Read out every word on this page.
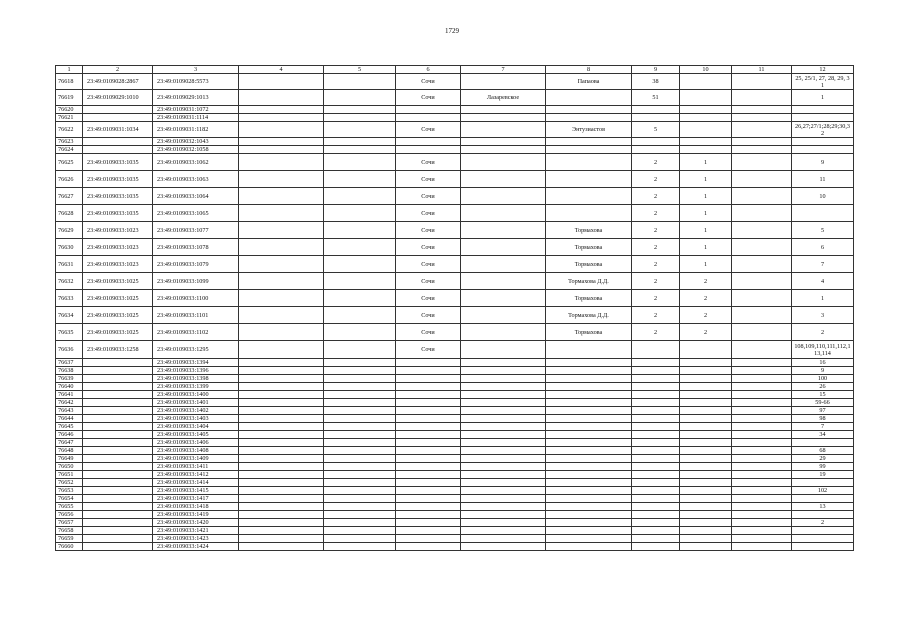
1729
1	2	3	4	5	6	7	8	9	10	11	12
76618	23:49:0109028:2867	23:49:0109028:5573			Сочи		Папаова	38			25, 25/1, 27, 28, 29, 31
76619	23:49:0109029:1010	23:49:0109029:1013			Сочи	Лазаревское		51			1
76620		23:49:0109031:1072									
76621		23:49:0109031:1114									
76622	23:49:0109031:1034	23:49:0109031:1182			Сочи		Энтузиастов	5			26,27;27/1;28;29;30,32
76623		23:49:0109032:1043									
76624		23:49:0109032:1058									
76625	23:49:0109033:1035	23:49:0109033:1062			Сочи			2	1		9
76626	23:49:0109033:1035	23:49:0109033:1063			Сочи			2	1		11
76627	23:49:0109033:1035	23:49:0109033:1064			Сочи			2	1		10
76628	23:49:0109033:1035	23:49:0109033:1065			Сочи			2	1		
76629	23:49:0109033:1023	23:49:0109033:1077			Сочи		Тормахова	2	1		5
76630	23:49:0109033:1023	23:49:0109033:1078			Сочи		Тормахова	2	1		6
76631	23:49:0109033:1023	23:49:0109033:1079			Сочи		Тормахова	2	1		7
76632	23:49:0109033:1025	23:49:0109033:1099			Сочи		Тормахова Д.Д.	2	2		4
76633	23:49:0109033:1025	23:49:0109033:1100			Сочи		Тормахова	2	2		1
76634	23:49:0109033:1025	23:49:0109033:1101			Сочи		Тормахова Д.Д.	2	2		3
76635	23:49:0109033:1025	23:49:0109033:1102			Сочи		Тормахова	2	2		2
76636	23:49:0109033:1258	23:49:0109033:1295			Сочи						108,109,110,111,112,113,114
76637		23:49:0109033:1394									16
76638		23:49:0109033:1396									9
76639		23:49:0109033:1398									100
76640		23:49:0109033:1399									26
76641		23:49:0109033:1400									15
76642		23:49:0109033:1401									59-66
76643		23:49:0109033:1402									97
76644		23:49:0109033:1403									98
76645		23:49:0109033:1404									7
76646		23:49:0109033:1405									34
76647		23:49:0109033:1406									
76648		23:49:0109033:1408									68
76649		23:49:0109033:1409									29
76650		23:49:0109033:1411									99
76651		23:49:0109033:1412									19
76652		23:49:0109033:1414									
76653		23:49:0109033:1415									102
76654		23:49:0109033:1417									
76655		23:49:0109033:1418									13
76656		23:49:0109033:1419									
76657		23:49:0109033:1420									2
76658		23:49:0109033:1421									
76659		23:49:0109033:1423									
76660		23:49:0109033:1424									
